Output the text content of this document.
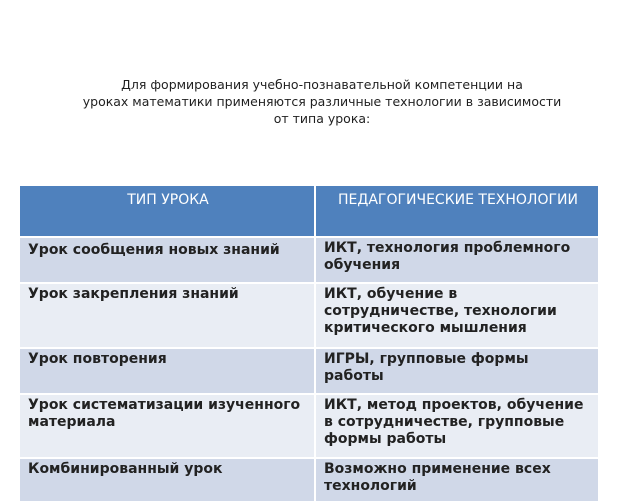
Для формирования учебно-познавательной компетенции на
уроках математики применяются различные технологии в зависимости
от типа урока:
ТИП УРОКА	ПЕДАГОГИЧЕСКИЕ ТЕХНОЛОГИИ
Урок сообщения новых знаний	ИКТ, технология проблемного обучения
Урок закрепления знаний	ИКТ, обучение в сотрудничестве, технологии критического мышления
Урок повторения	ИГРЫ, групповые формы работы
Урок систематизации изученного материала	ИКТ, метод проектов, обучение в сотрудничестве, групповые формы работы
Комбинированный урок	Возможно применение всех технологий
